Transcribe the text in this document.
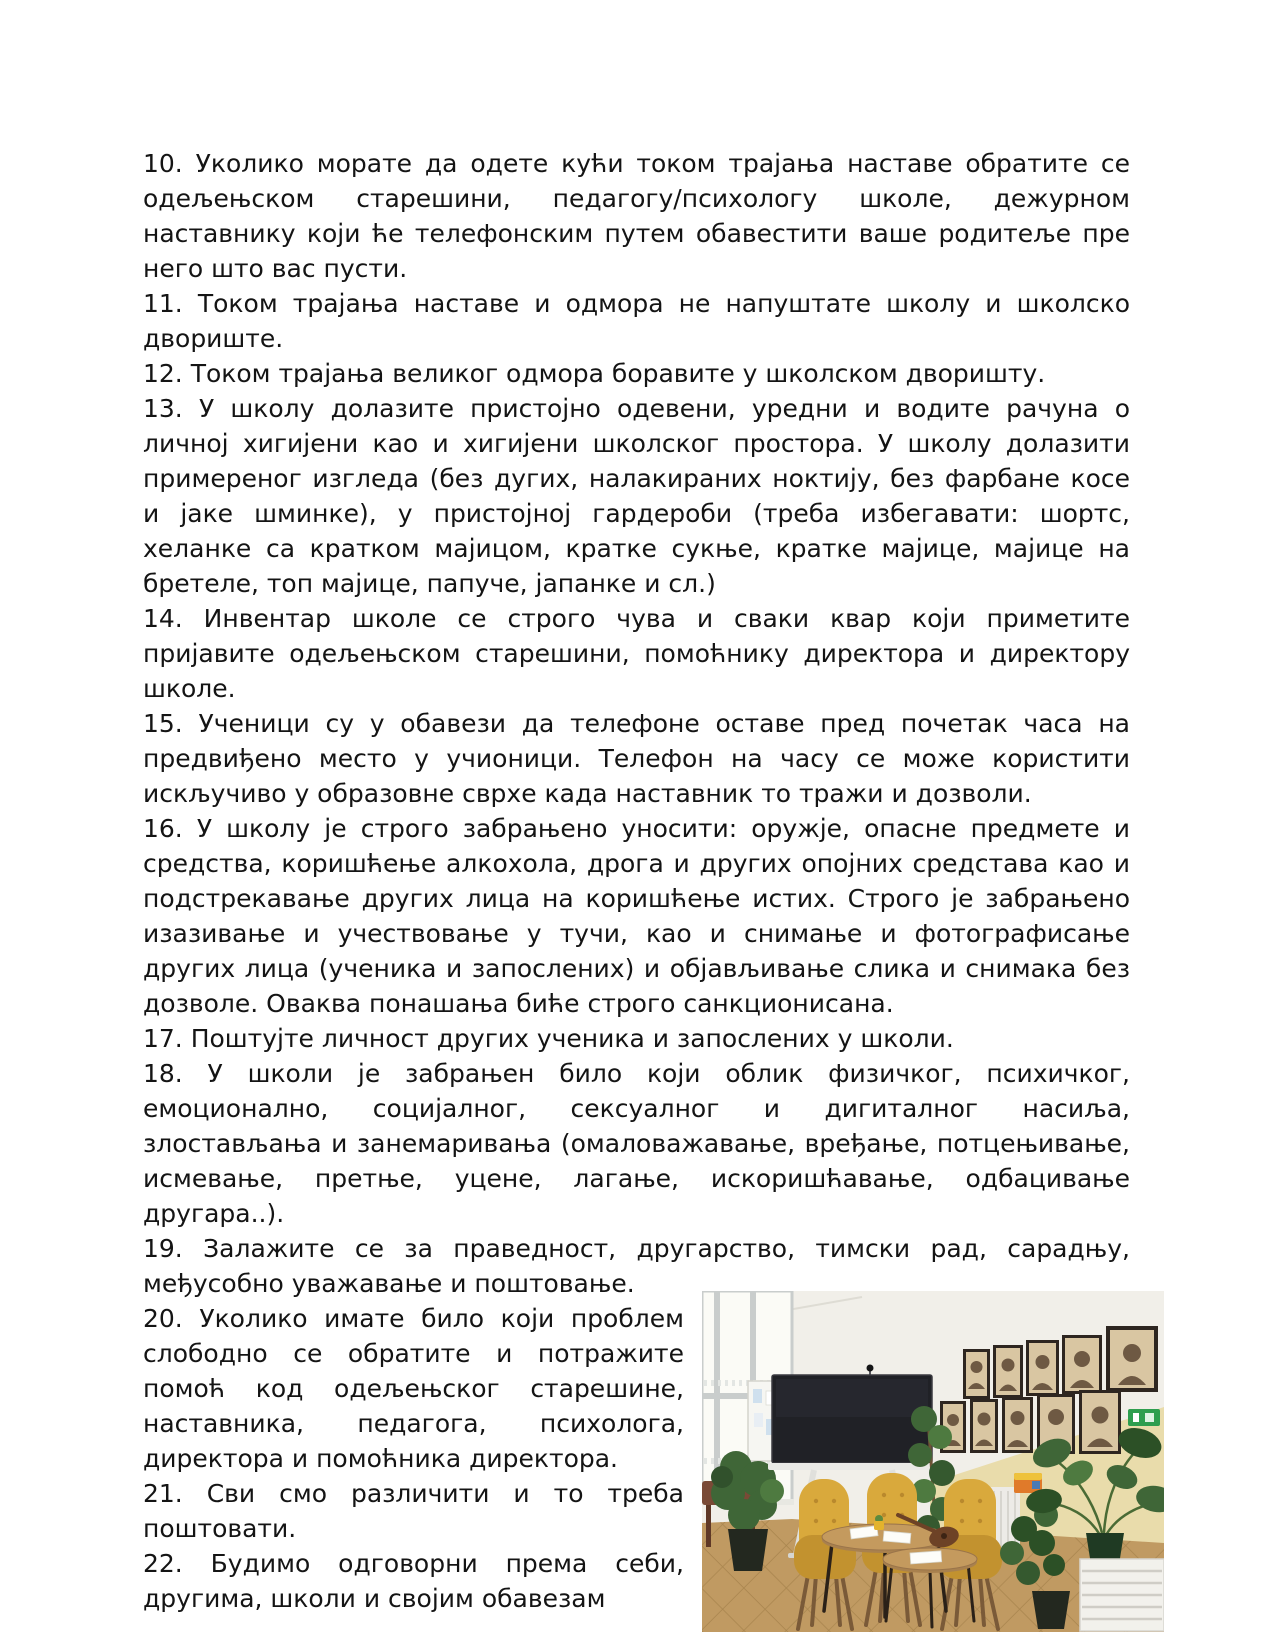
10. Уколико морате да одете кући током трајања наставе обратите се одељењском старешини, педагогу/психологу школе, дежурном наставнику који ће телефонским путем обавестити ваше родитеље пре него што вас пусти.

11. Током трајања наставе и одмора не напуштате школу и школско двориште.

12. Током трајања великог одмора боравите у школском дворишту.

13. У школу долазите пристојно одевени, уредни и водите рачуна о личној хигијени као и хигијени школског простора. У школу долазити примереног изгледа (без дугих, налакираних ноктију, без фарбане косе и јаке шминке), у пристојној гардероби (треба избегавати: шортс, хеланке са кратком мајицом, кратке сукње, кратке мајице, мајице на бретеле, топ мајице, папуче, јапанке и сл.)

14. Инвентар школе се строго чува и сваки квар који приметите пријавите одељењском старешини, помоћнику директора и директору школе.

15. Ученици су у обавези да телефоне оставе пред почетак часа на предвиђено место у учионици. Телефон на часу се може користити искључиво у образовне сврхе када наставник то тражи и дозволи.

16. У школу је строго забрањено уносити: оружје, опасне предмете и средства, коришћење алкохола, дрога и других опојних средстава као и подстрекавање других лица на коришћење истих. Строго је забрањено изазивање и учествовање у тучи, као и снимање и фотографисање других лица (ученика и запослених) и објављивање слика и снимака без дозволе. Оваква понашања биће строго санкционисана.

17. Поштујте личност других ученика и запослених у школи.

18. У школи је забрањен било који облик физичког, психичког, емоционално, социјалног, сексуалног и дигиталног насиља, злостављања и занемаривања (омаловажавање, вређање, потцењивање, исмевање, претње, уцене, лагање, искоришћавање, одбацивање другара..).

19. Залажите се за праведност, другарство, тимски рад, сарадњу, међусобно уважавање и поштовање.

20. Уколико имате било који проблем слободно се обратите и потражите помоћ код одељењског старешине, наставника, педагога, психолога, директора и помоћника директора.

21. Сви смо различити и то треба поштовати.

22. Будимо одговорни према себи, другима, школи и својим обавезам
